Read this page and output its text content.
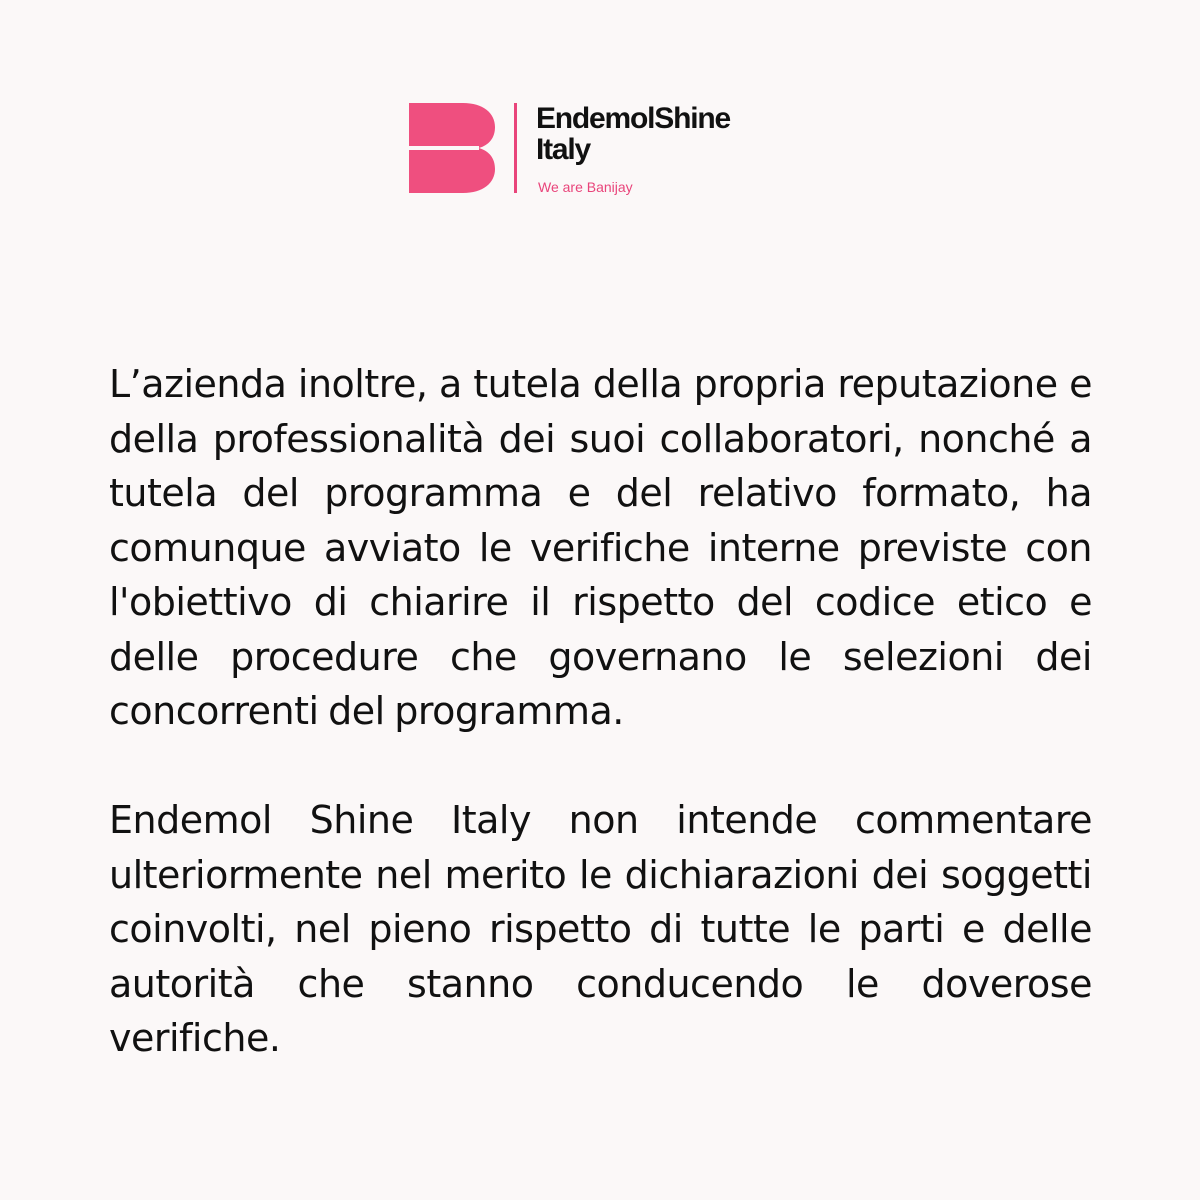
EndemolShine
Italy
We are Banijay

L’azienda inoltre, a tutela della propria reputazione e della professionalità dei suoi collaboratori, nonché a tutela del programma e del relativo formato, ha comunque avviato le verifiche interne previste con l'obiettivo di chiarire il rispetto del codice etico e delle procedure che governano le selezioni dei concorrenti del programma.

Endemol Shine Italy non intende commentare ulteriormente nel merito le dichiarazioni dei soggetti coinvolti, nel pieno rispetto di tutte le parti e delle autorità che stanno conducendo le doverose verifiche.
